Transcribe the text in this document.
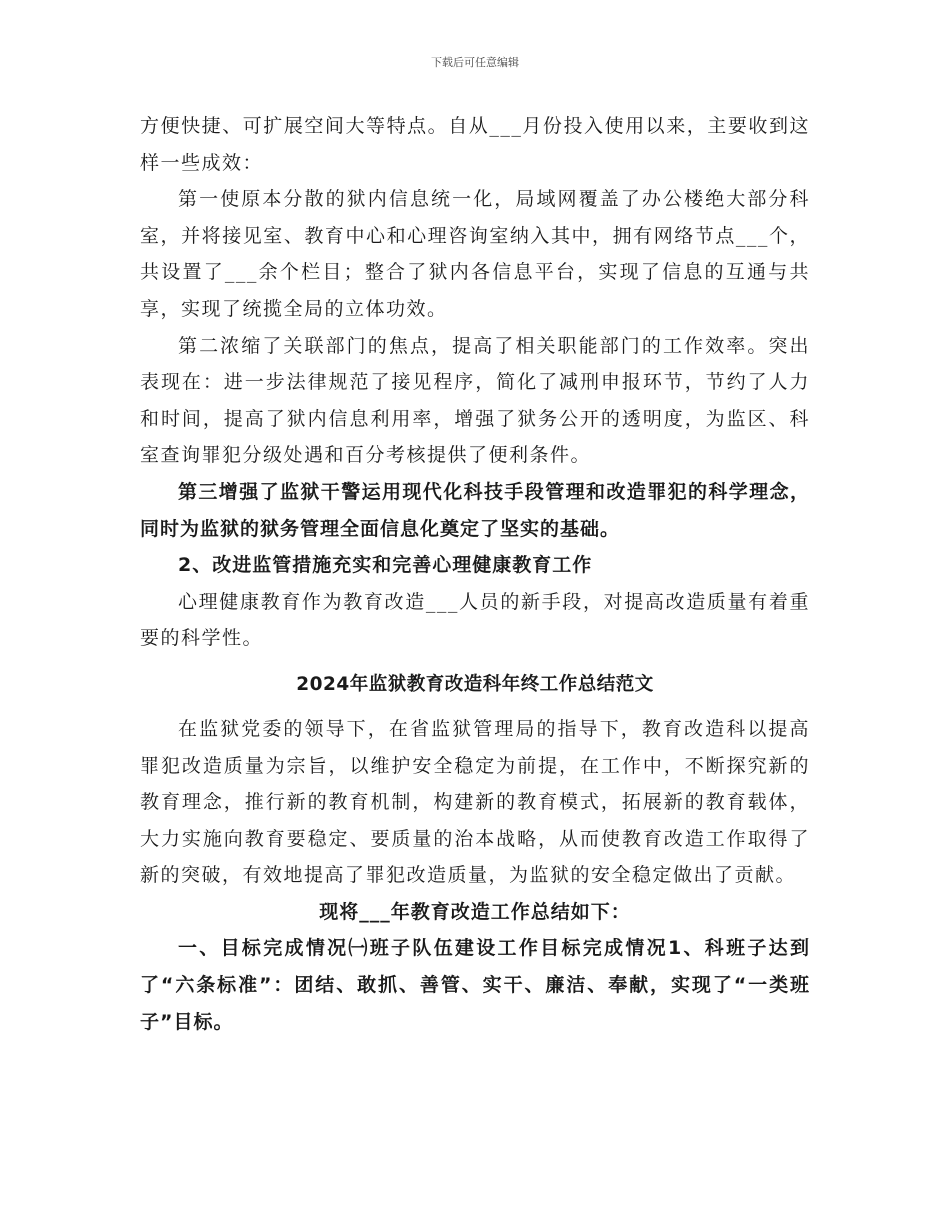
下载后可任意编辑

方便快捷、可扩展空间大等特点。自从___月份投入使用以来，主要收到这样一些成效：

第一使原本分散的狱内信息统一化，局域网覆盖了办公楼绝大部分科室，并将接见室、教育中心和心理咨询室纳入其中，拥有网络节点___个，共设置了___余个栏目；整合了狱内各信息平台，实现了信息的互通与共享，实现了统揽全局的立体功效。

第二浓缩了关联部门的焦点，提高了相关职能部门的工作效率。突出表现在：进一步法律规范了接见程序，简化了减刑申报环节，节约了人力和时间，提高了狱内信息利用率，增强了狱务公开的透明度，为监区、科室查询罪犯分级处遇和百分考核提供了便利条件。

第三增强了监狱干警运用现代化科技手段管理和改造罪犯的科学理念，同时为监狱的狱务管理全面信息化奠定了坚实的基础。

2、改进监管措施充实和完善心理健康教育工作

心理健康教育作为教育改造___人员的新手段，对提高改造质量有着重要的科学性。

2024年监狱教育改造科年终工作总结范文

在监狱党委的领导下，在省监狱管理局的指导下，教育改造科以提高罪犯改造质量为宗旨，以维护安全稳定为前提，在工作中，不断探究新的教育理念，推行新的教育机制，构建新的教育模式，拓展新的教育载体，大力实施向教育要稳定、要质量的治本战略，从而使教育改造工作取得了新的突破，有效地提高了罪犯改造质量，为监狱的安全稳定做出了贡献。

现将___年教育改造工作总结如下：

一、目标完成情况㈠班子队伍建设工作目标完成情况1、科班子达到了“六条标准”：团结、敢抓、善管、实干、廉洁、奉献，实现了“一类班子”目标。
